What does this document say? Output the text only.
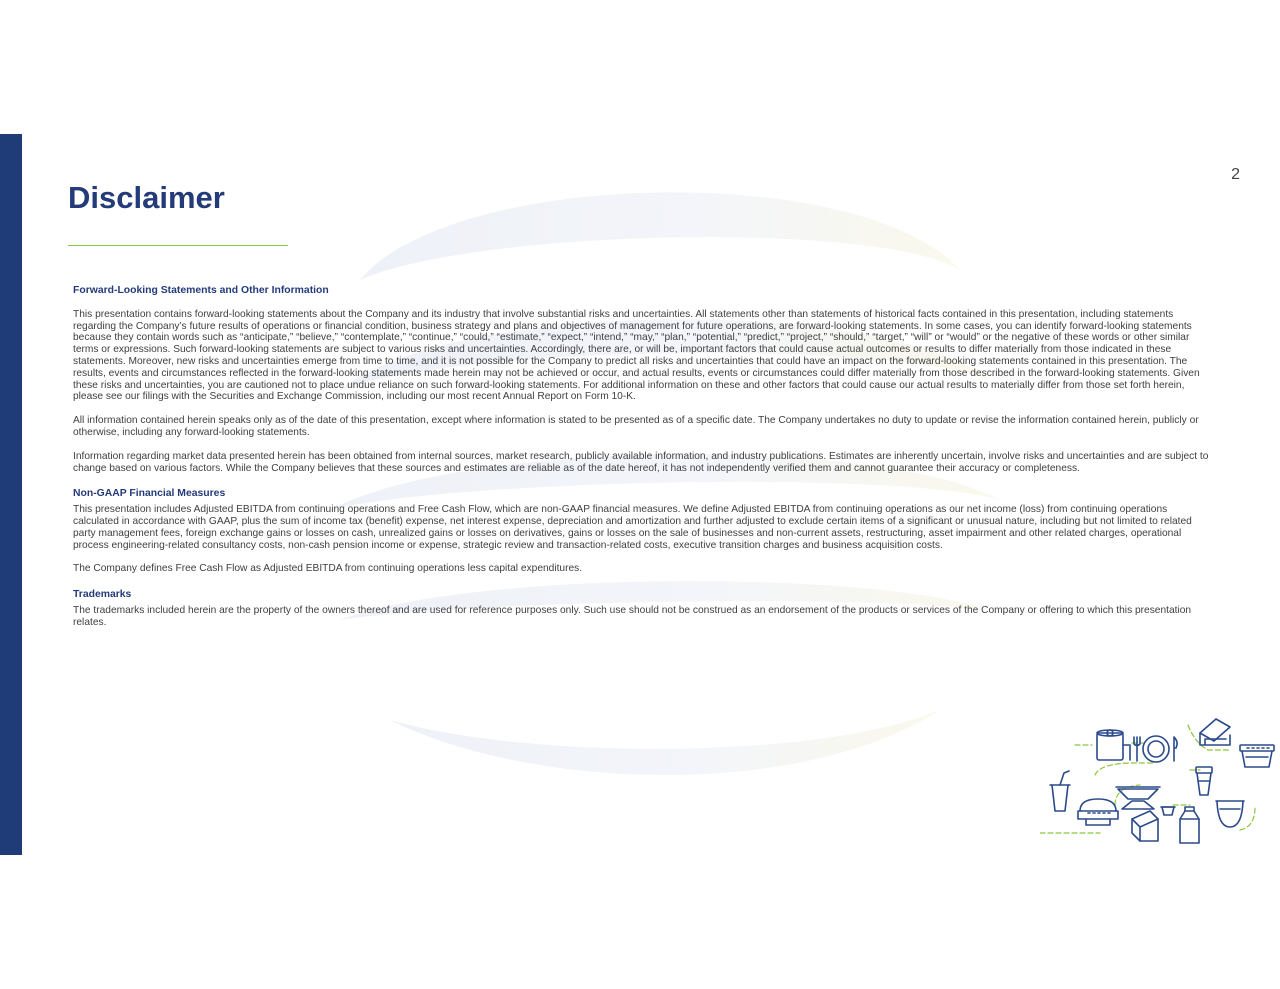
2
Disclaimer
Forward-Looking Statements and Other Information

This presentation contains forward-looking statements about the Company and its industry that involve substantial risks and uncertainties. All statements other than statements of historical facts contained in this presentation, including statements regarding the Company’s future results of operations or financial condition, business strategy and plans and objectives of management for future operations, are forward-looking statements. In some cases, you can identify forward-looking statements because they contain words such as “anticipate,” “believe,” “contemplate,” “continue,” “could,” “estimate,” “expect,” “intend,” “may,” “plan,” “potential,” “predict,” “project,” “should,” “target,” “will” or “would” or the negative of these words or other similar terms or expressions. Such forward-looking statements are subject to various risks and uncertainties. Accordingly, there are, or will be, important factors that could cause actual outcomes or results to differ materially from those indicated in these statements. Moreover, new risks and uncertainties emerge from time to time, and it is not possible for the Company to predict all risks and uncertainties that could have an impact on the forward-looking statements contained in this presentation. The results, events and circumstances reflected in the forward-looking statements made herein may not be achieved or occur, and actual results, events or circumstances could differ materially from those described in the forward-looking statements. Given these risks and uncertainties, you are cautioned not to place undue reliance on such forward-looking statements. For additional information on these and other factors that could cause our actual results to materially differ from those set forth herein, please see our filings with the Securities and Exchange Commission, including our most recent Annual Report on Form 10-K.

All information contained herein speaks only as of the date of this presentation, except where information is stated to be presented as of a specific date. The Company undertakes no duty to update or revise the information contained herein, publicly or otherwise, including any forward-looking statements.

Information regarding market data presented herein has been obtained from internal sources, market research, publicly available information, and industry publications. Estimates are inherently uncertain, involve risks and uncertainties and are subject to change based on various factors. While the Company believes that these sources and estimates are reliable as of the date hereof, it has not independently verified them and cannot guarantee their accuracy or completeness.

Non-GAAP Financial Measures

This presentation includes Adjusted EBITDA from continuing operations and Free Cash Flow, which are non-GAAP financial measures. We define Adjusted EBITDA from continuing operations as our net income (loss) from continuing operations calculated in accordance with GAAP, plus the sum of income tax (benefit) expense, net interest expense, depreciation and amortization and further adjusted to exclude certain items of a significant or unusual nature, including but not limited to related party management fees, foreign exchange gains or losses on cash, unrealized gains or losses on derivatives, gains or losses on the sale of businesses and non-current assets, restructuring, asset impairment and other related charges, operational process engineering-related consultancy costs, non-cash pension income or expense, strategic review and transaction-related costs, executive transition charges and business acquisition costs.

The Company defines Free Cash Flow as Adjusted EBITDA from continuing operations less capital expenditures.

Trademarks

The trademarks included herein are the property of the owners thereof and are used for reference purposes only. Such use should not be construed as an endorsement of the products or services of the Company or offering to which this presentation relates.
